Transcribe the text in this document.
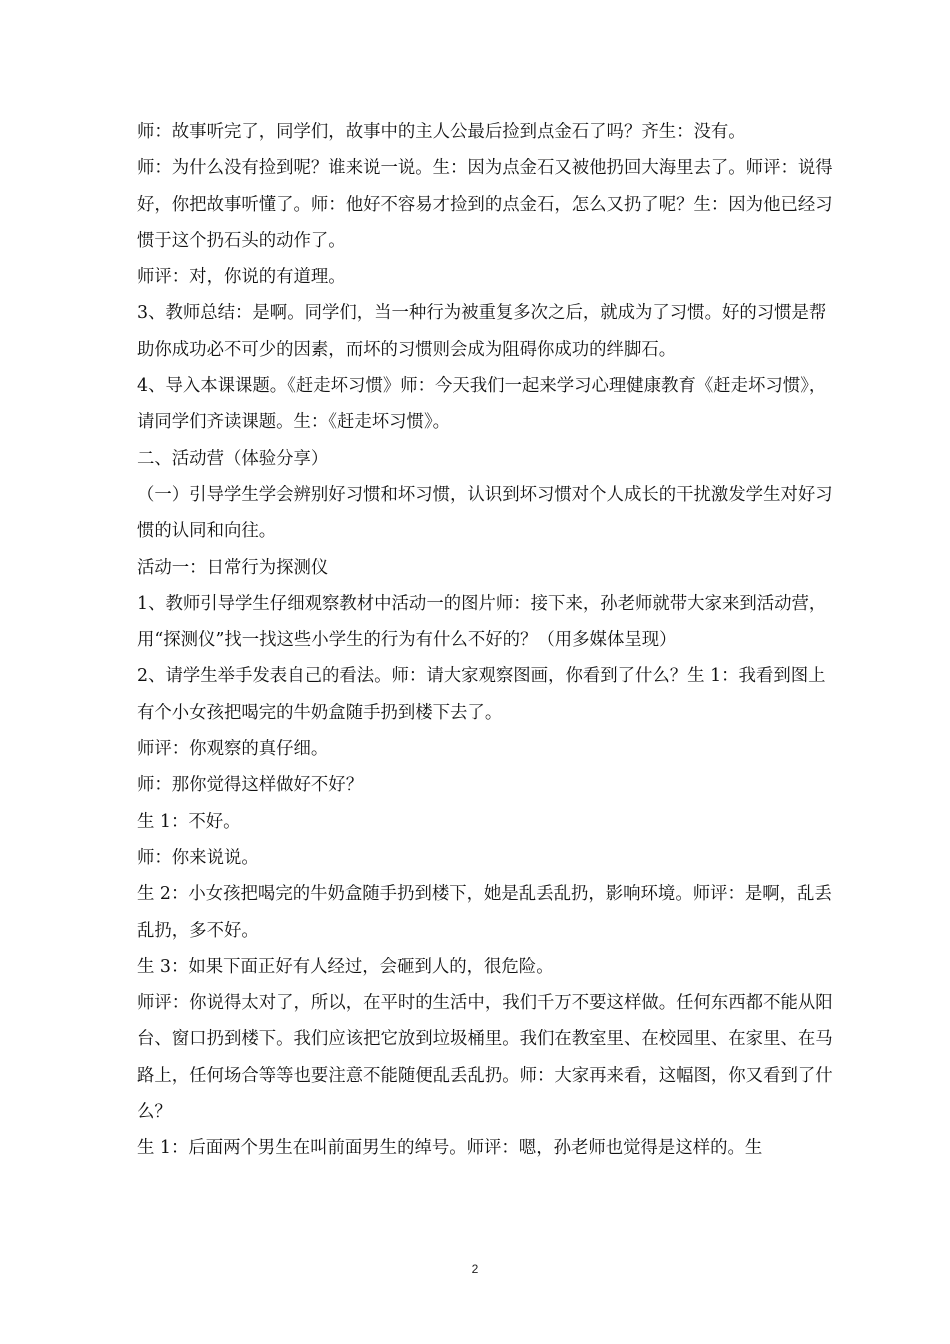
师：故事听完了，同学们，故事中的主人公最后捡到点金石了吗？齐生：没有。

师：为什么没有捡到呢？谁来说一说。生：因为点金石又被他扔回大海里去了。师评：说得好，你把故事听懂了。师：他好不容易才捡到的点金石，怎么又扔了呢？生：因为他已经习惯于这个扔石头的动作了。

师评：对，你说的有道理。

3、教师总结：是啊。同学们，当一种行为被重复多次之后，就成为了习惯。好的习惯是帮助你成功必不可少的因素，而坏的习惯则会成为阻碍你成功的绊脚石。

4、导入本课课题。《赶走坏习惯》师：今天我们一起来学习心理健康教育《赶走坏习惯》，请同学们齐读课题。生：《赶走坏习惯》。

二、活动营（体验分享）

（一）引导学生学会辨别好习惯和坏习惯，认识到坏习惯对个人成长的干扰激发学生对好习惯的认同和向往。

活动一：日常行为探测仪

1、教师引导学生仔细观察教材中活动一的图片师：接下来，孙老师就带大家来到活动营，用“探测仪”找一找这些小学生的行为有什么不好的？（用多媒体呈现）

2、请学生举手发表自己的看法。师：请大家观察图画，你看到了什么？生 1：我看到图上有个小女孩把喝完的牛奶盒随手扔到楼下去了。

师评：你观察的真仔细。

师：那你觉得这样做好不好？

生 1：不好。

师：你来说说。

生 2：小女孩把喝完的牛奶盒随手扔到楼下，她是乱丢乱扔，影响环境。师评：是啊，乱丢乱扔，多不好。

生 3：如果下面正好有人经过，会砸到人的，很危险。

师评：你说得太对了，所以，在平时的生活中，我们千万不要这样做。任何东西都不能从阳台、窗口扔到楼下。我们应该把它放到垃圾桶里。我们在教室里、在校园里、在家里、在马路上，任何场合等等也要注意不能随便乱丢乱扔。师：大家再来看，这幅图，你又看到了什么？

生 1：后面两个男生在叫前面男生的绰号。师评：嗯，孙老师也觉得是这样的。生

2
